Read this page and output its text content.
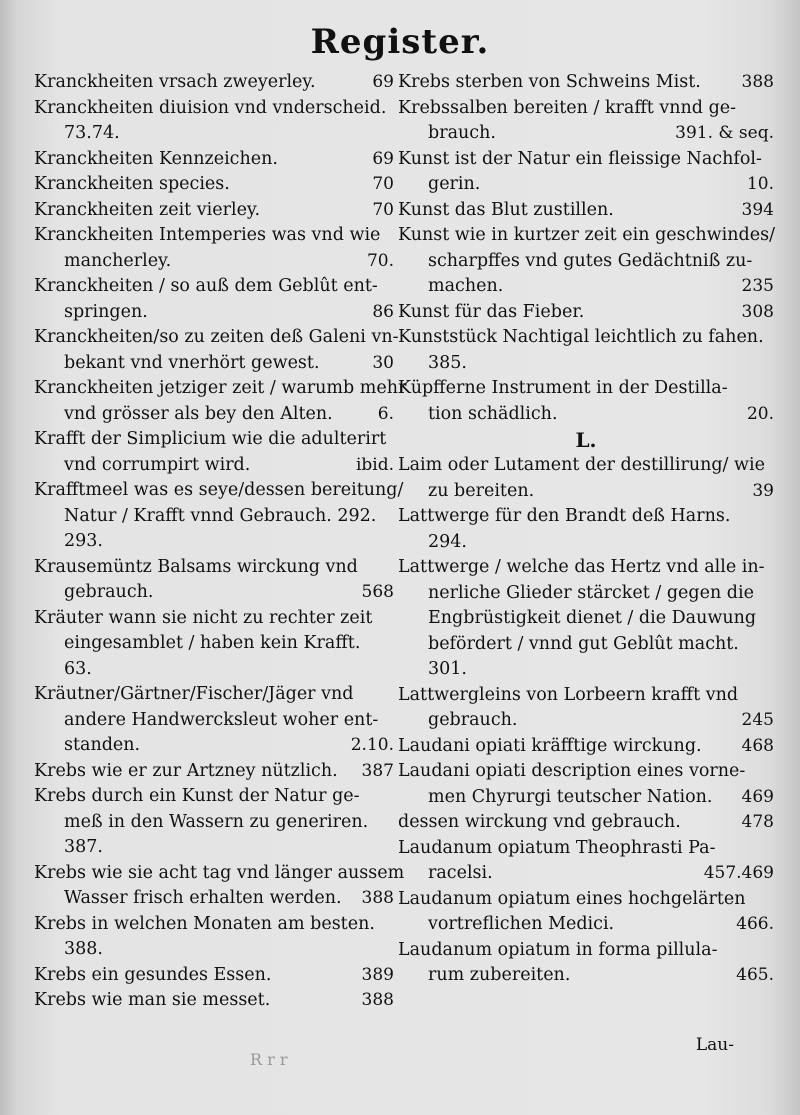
Register.
Kranckheiten vrsach zweyerley.	69
Kranckheiten diuision vnd vnderscheid.
73.74.
Kranckheiten Kennzeichen.	69
Kranckheiten species.	70
Kranckheiten zeit vierley.	70
Kranckheiten Intemperies was vnd wie
mancherley.	70.
Kranckheiten / so auß dem Geblût ent-
springen.	86
Kranckheiten/so zu zeiten deß Galeni vn-
bekant vnd vnerhört gewest.	30
Kranckheiten jetziger zeit / warumb mehr
vnd grösser als bey den Alten.	6.
Krafft der Simplicium wie die adulterirt
vnd corrumpirt wird.	ibid.
Krafftmeel was es seye/dessen bereitung/
Natur / Krafft vnnd Gebrauch. 292.
293.
Krausemüntz Balsams wirckung vnd
gebrauch.	568
Kräuter wann sie nicht zu rechter zeit
eingesamblet / haben kein Krafft.
63.
Kräutner/Gärtner/Fischer/Jäger vnd
andere Handwercksleut woher ent-
standen.	2.10.
Krebs wie er zur Artzney nützlich. 387
Krebs durch ein Kunst der Natur ge-
meß in den Wassern zu generiren.
387.
Krebs wie sie acht tag vnd länger aussem
Wasser frisch erhalten werden. 388
Krebs in welchen Monaten am besten.
388.
Krebs ein gesundes Essen.	389
Krebs wie man sie messet.	388
Krebs sterben von Schweins Mist. 388
Krebssalben bereiten / krafft vnnd ge-
brauch.	391. & seq.
Kunst ist der Natur ein fleissige Nachfol-
gerin.	10.
Kunst das Blut zustillen.	394
Kunst wie in kurtzer zeit ein geschwindes/
scharpffes vnd gutes Gedächtniß zu-
machen.	235
Kunst für das Fieber.	308
Kunststück Nachtigal leichtlich zu fahen.
385.
Küpfferne Instrument in der Destilla-
tion schädlich.	20.
L.
Laim oder Lutament der destillirung/ wie
zu bereiten.	39
Lattwerge für den Brandt deß Harns.
294.
Lattwerge / welche das Hertz vnd alle in-
nerliche Glieder stärcket / gegen die
Engbrüstigkeit dienet / die Dauwung
befördert / vnnd gut Geblût macht.
301.
Lattwergleins von Lorbeern krafft vnd
gebrauch.	245
Laudani opiati kräfftige wirckung. 468
Laudani opiati description eines vorne-
men Chyrurgi teutscher Nation. 469
dessen wirckung vnd gebrauch.	478
Laudanum opiatum Theophrasti Pa-
racelsi.	457.469
Laudanum opiatum eines hochgelärten
vortreflichen Medici.	466.
Laudanum opiatum in forma pillula-
rum zubereiten.	465.
R r r
Lau-
